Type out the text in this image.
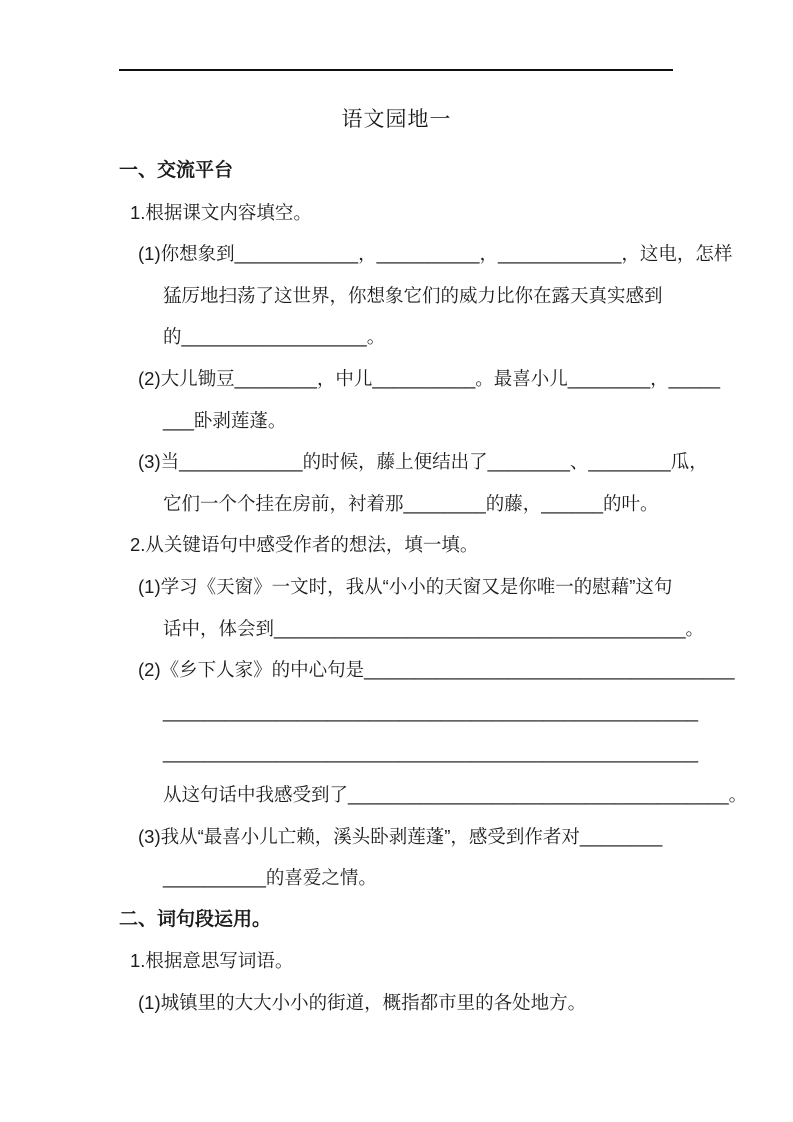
语文园地一
一、交流平台
1.根据课文内容填空。
(1)你想象到____________，__________，____________，这电，怎样
猛厉地扫荡了这世界，你想象它们的威力比你在露天真实感到
的__________________。
(2)大儿锄豆________，中儿__________。最喜小儿________，_____
___卧剥莲蓬。
(3)当____________的时候，藤上便结出了________、________瓜，
它们一个个挂在房前，衬着那________的藤，______的叶。
2.从关键语句中感受作者的想法，填一填。
(1)学习《天窗》一文时，我从“小小的天窗又是你唯一的慰藉”这句
话中，体会到________________________________________。
(2)《乡下人家》的中心句是____________________________________
____________________________________________________
____________________________________________________
从这句话中我感受到了_____________________________________。
(3)我从“最喜小儿亡赖，溪头卧剥莲蓬”，感受到作者对________
__________的喜爱之情。
二、词句段运用。
1.根据意思写词语。
(1)城镇里的大大小小的街道，概指都市里的各处地方。
